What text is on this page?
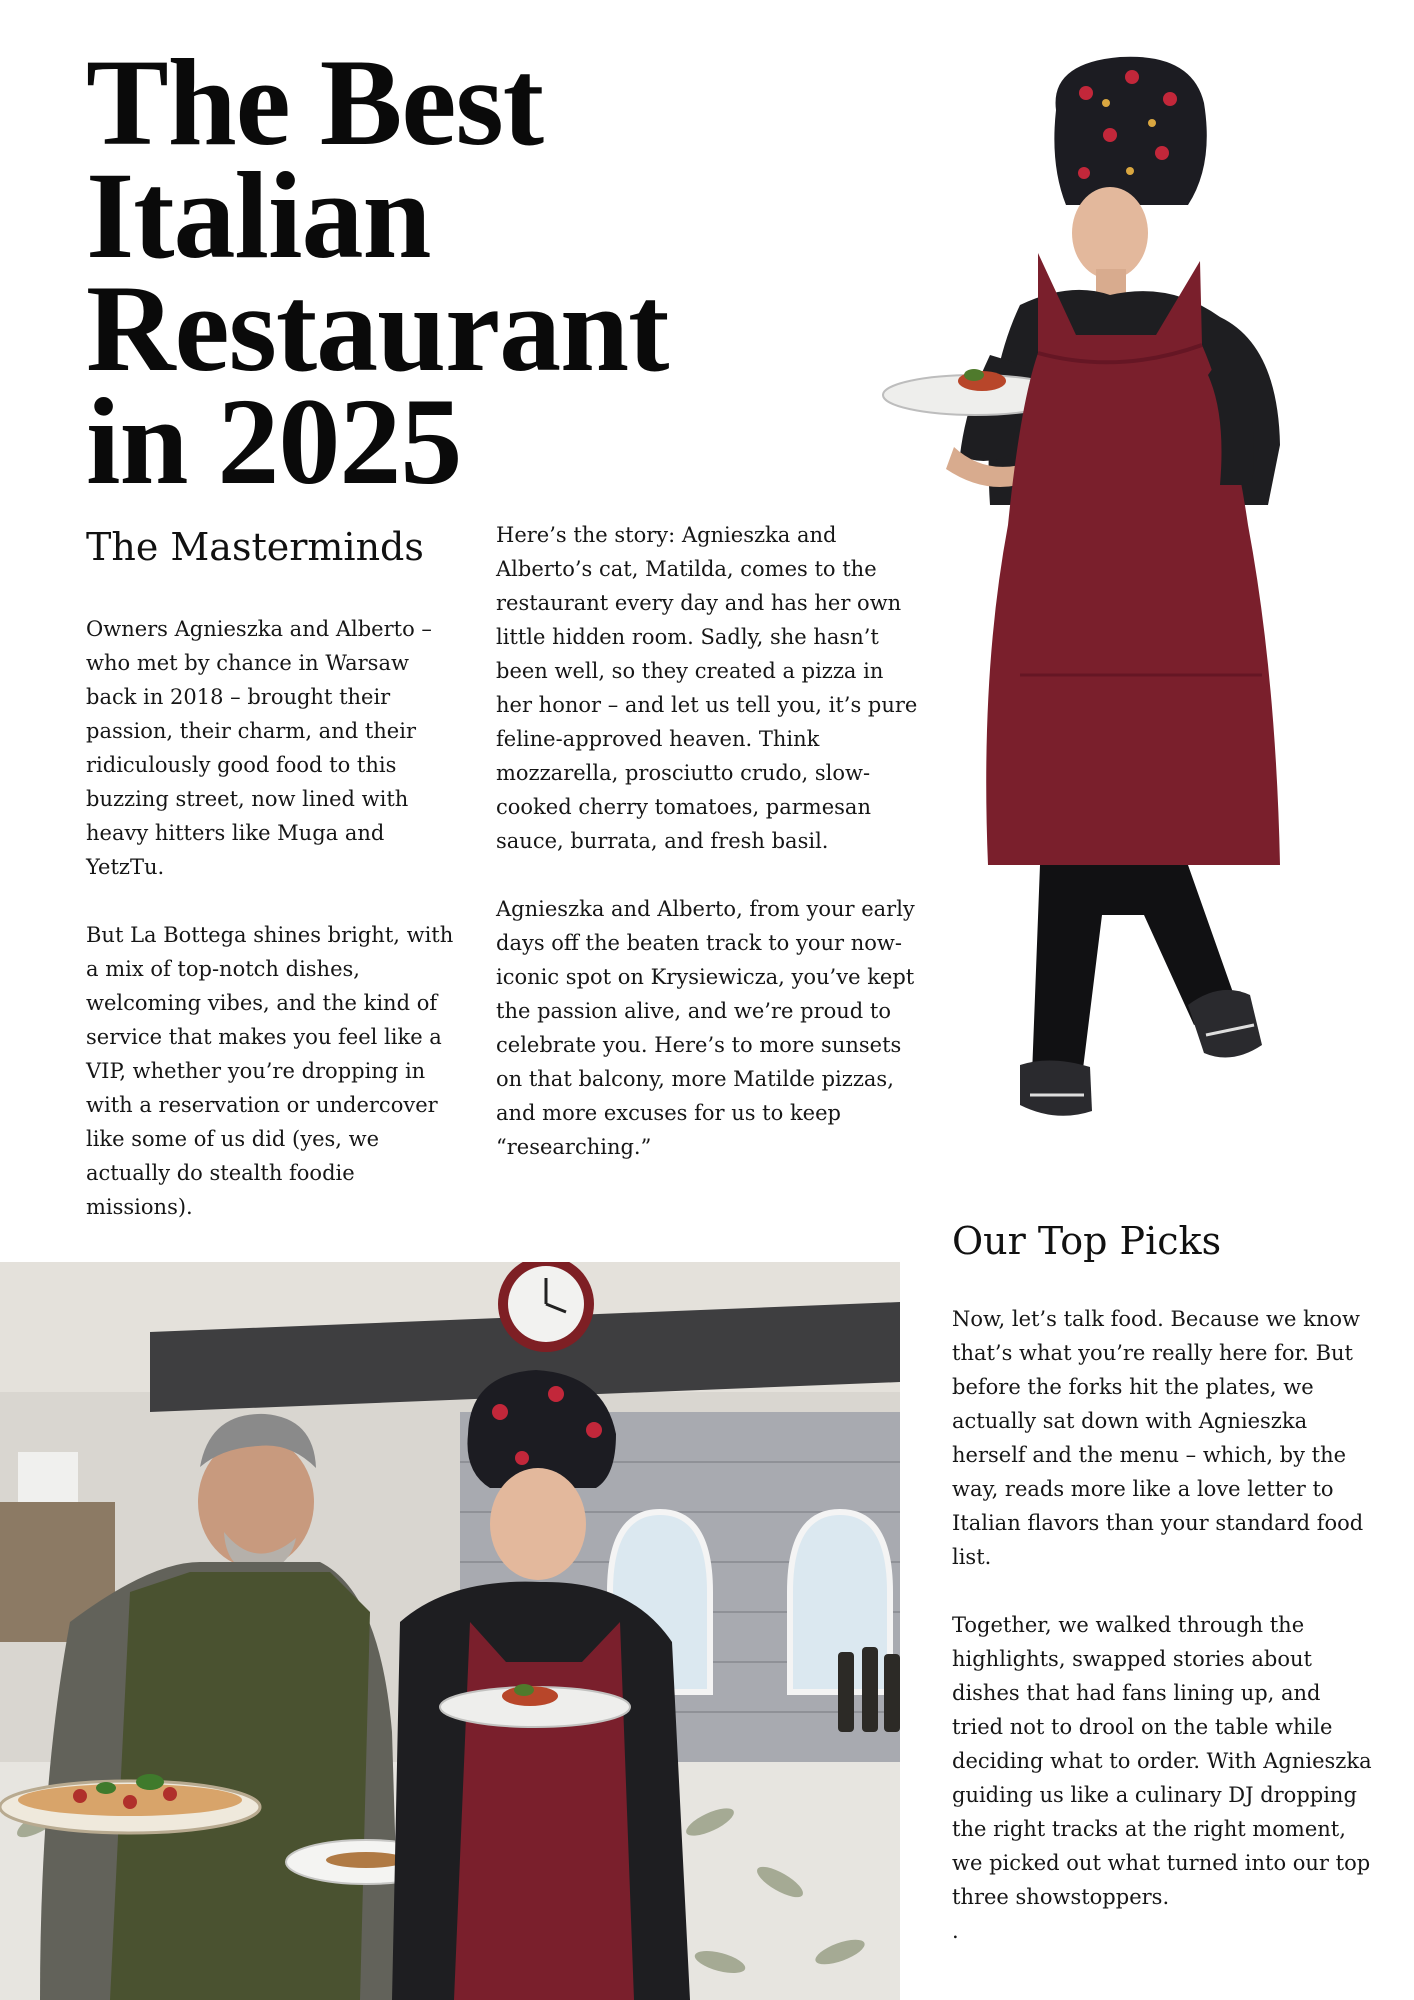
The Best
Italian
Restaurant
in 2025
The Masterminds

Owners Agnieszka and Alberto – who met by chance in Warsaw back in 2018 – brought their passion, their charm, and their ridiculously good food to this buzzing street, now lined with heavy hitters like Muga and YetzTu.

But La Bottega shines bright, with a mix of top-notch dishes, welcoming vibes, and the kind of service that makes you feel like a VIP, whether you’re dropping in with a reservation or undercover like some of us did (yes, we actually do stealth foodie missions).

Here’s the story: Agnieszka and Alberto’s cat, Matilda, comes to the restaurant every day and has her own little hidden room. Sadly, she hasn’t been well, so they created a pizza in her honor – and let us tell you, it’s pure feline-approved heaven. Think mozzarella, prosciutto crudo, slow-cooked cherry tomatoes, parmesan sauce, burrata, and fresh basil.

Agnieszka and Alberto, from your early days off the beaten track to your now-iconic spot on Krysiewicza, you’ve kept the passion alive, and we’re proud to celebrate you. Here’s to more sunsets on that balcony, more Matilde pizzas, and more excuses for us to keep “researching.”

Our Top Picks

Now, let’s talk food. Because we know that’s what you’re really here for. But before the forks hit the plates, we actually sat down with Agnieszka herself and the menu – which, by the way, reads more like a love letter to Italian flavors than your standard food list.

Together, we walked through the highlights, swapped stories about dishes that had fans lining up, and tried not to drool on the table while deciding what to order. With Agnieszka guiding us like a culinary DJ dropping the right tracks at the right moment, we picked out what turned into our top three showstoppers.

.
